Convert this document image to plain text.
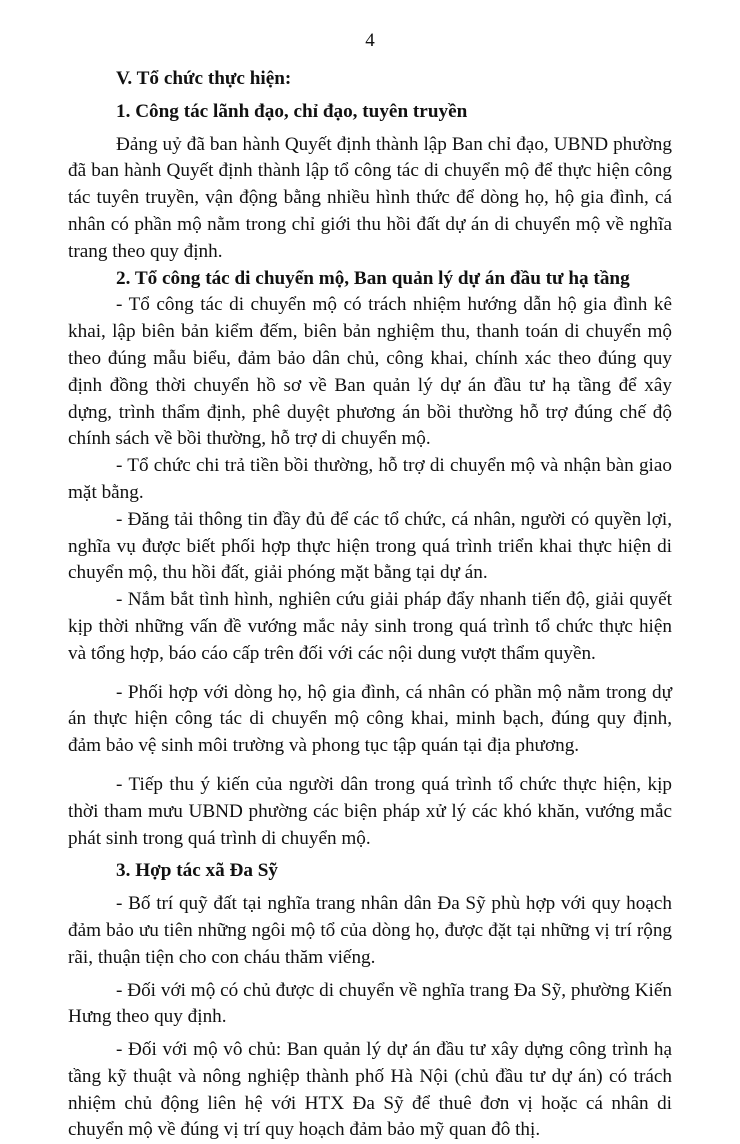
4

V. Tổ chức thực hiện:

1. Công tác lãnh đạo, chỉ đạo, tuyên truyền

Đảng uỷ đã ban hành Quyết định thành lập Ban chỉ đạo, UBND phường đã ban hành Quyết định thành lập tổ công tác di chuyển mộ để thực hiện công tác tuyên truyền, vận động bằng nhiều hình thức để dòng họ, hộ gia đình, cá nhân có phần mộ nằm trong chỉ giới thu hồi đất dự án di chuyển mộ về nghĩa trang theo quy định.

2. Tổ công tác di chuyển mộ, Ban quản lý dự án đầu tư hạ tầng

- Tổ công tác di chuyển mộ có trách nhiệm hướng dẫn hộ gia đình kê khai, lập biên bản kiểm đếm, biên bản nghiệm thu, thanh toán di chuyển mộ theo đúng mẫu biểu, đảm bảo dân chủ, công khai, chính xác theo đúng quy định đồng thời chuyển hồ sơ về Ban quản lý dự án đầu tư hạ tầng để xây dựng, trình thẩm định, phê duyệt phương án bồi thường hỗ trợ đúng chế độ chính sách về bồi thường, hỗ trợ di chuyển mộ.

- Tổ chức chi trả tiền bồi thường, hỗ trợ di chuyển mộ và nhận bàn giao mặt bằng.

- Đăng tải thông tin đầy đủ để các tổ chức, cá nhân, người có quyền lợi, nghĩa vụ được biết phối hợp thực hiện trong quá trình triển khai thực hiện di chuyển mộ, thu hồi đất, giải phóng mặt bằng tại dự án.

- Nắm bắt tình hình, nghiên cứu giải pháp đẩy nhanh tiến độ, giải quyết kịp thời những vấn đề vướng mắc nảy sinh trong quá trình tổ chức thực hiện và tổng hợp, báo cáo cấp trên đối với các nội dung vượt thẩm quyền.

- Phối hợp với dòng họ, hộ gia đình, cá nhân có phần mộ nằm trong dự án thực hiện công tác di chuyển mộ công khai, minh bạch, đúng quy định, đảm bảo vệ sinh môi trường và phong tục tập quán tại địa phương.

- Tiếp thu ý kiến của người dân trong quá trình tổ chức thực hiện, kịp thời tham mưu UBND phường các biện pháp xử lý các khó khăn, vướng mắc phát sinh trong quá trình di chuyển mộ.

3. Hợp tác xã Đa Sỹ

- Bố trí quỹ đất tại nghĩa trang nhân dân Đa Sỹ phù hợp với quy hoạch đảm bảo ưu tiên những ngôi mộ tổ của dòng họ, được đặt tại những vị trí rộng rãi, thuận tiện cho con cháu thăm viếng.

- Đối với mộ có chủ được di chuyển về nghĩa trang Đa Sỹ, phường Kiến Hưng theo quy định.

- Đối với mộ vô chủ: Ban quản lý dự án đầu tư xây dựng công trình hạ tầng kỹ thuật và nông nghiệp thành phố Hà Nội (chủ đầu tư dự án) có trách nhiệm chủ động liên hệ với HTX Đa Sỹ để thuê đơn vị hoặc cá nhân di chuyển mộ về đúng vị trí quy hoạch đảm bảo mỹ quan đô thị.
